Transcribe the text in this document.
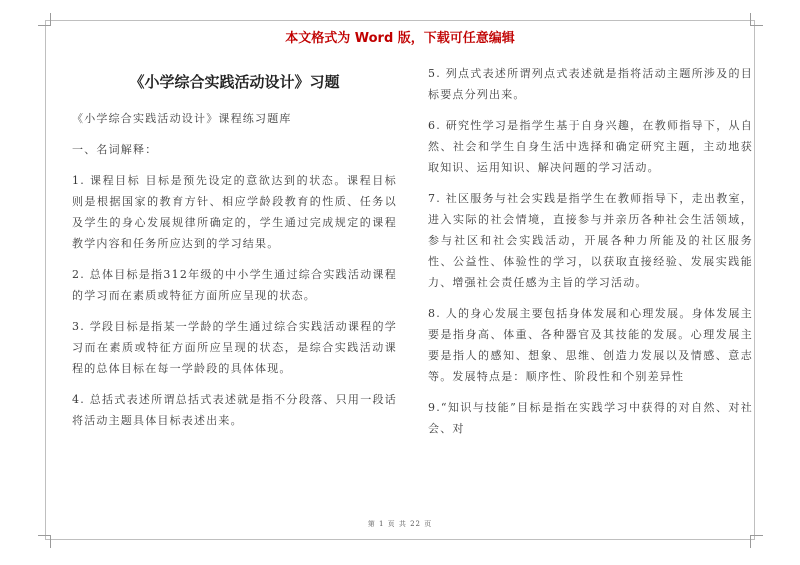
本文格式为 Word 版，下载可任意编辑
《小学综合实践活动设计》习题

《小学综合实践活动设计》课程练习题库

一、名词解释：

1. 课程目标 目标是预先设定的意欲达到的状态。课程目标则是根据国家的教育方针、相应学龄段教育的性质、任务以及学生的身心发展规律所确定的，学生通过完成规定的课程教学内容和任务所应达到的学习结果。

2. 总体目标是指312年级的中小学生通过综合实践活动课程的学习而在素质或特征方面所应呈现的状态。

3. 学段目标是指某一学龄的学生通过综合实践活动课程的学习而在素质或特征方面所应呈现的状态，是综合实践活动课程的总体目标在每一学龄段的具体体现。

4. 总括式表述所谓总括式表述就是指不分段落、只用一段话将活动主题具体目标表述出来。

5. 列点式表述所谓列点式表述就是指将活动主题所涉及的目标要点分列出来。

6. 研究性学习是指学生基于自身兴趣，在教师指导下，从自然、社会和学生自身生活中选择和确定研究主题，主动地获取知识、运用知识、解决问题的学习活动。

7. 社区服务与社会实践是指学生在教师指导下，走出教室，进入实际的社会情境，直接参与并亲历各种社会生活领域，参与社区和社会实践活动，开展各种力所能及的社区服务性、公益性、体验性的学习，以获取直接经验、发展实践能力、增强社会责任感为主旨的学习活动。

8. 人的身心发展主要包括身体发展和心理发展。身体发展主要是指身高、体重、各种器官及其技能的发展。心理发展主要是指人的感知、想象、思维、创造力发展以及情感、意志等。发展特点是：顺序性、阶段性和个别差异性

9.“知识与技能”目标是指在实践学习中获得的对自然、对社会、对

第 1 页 共 22 页
